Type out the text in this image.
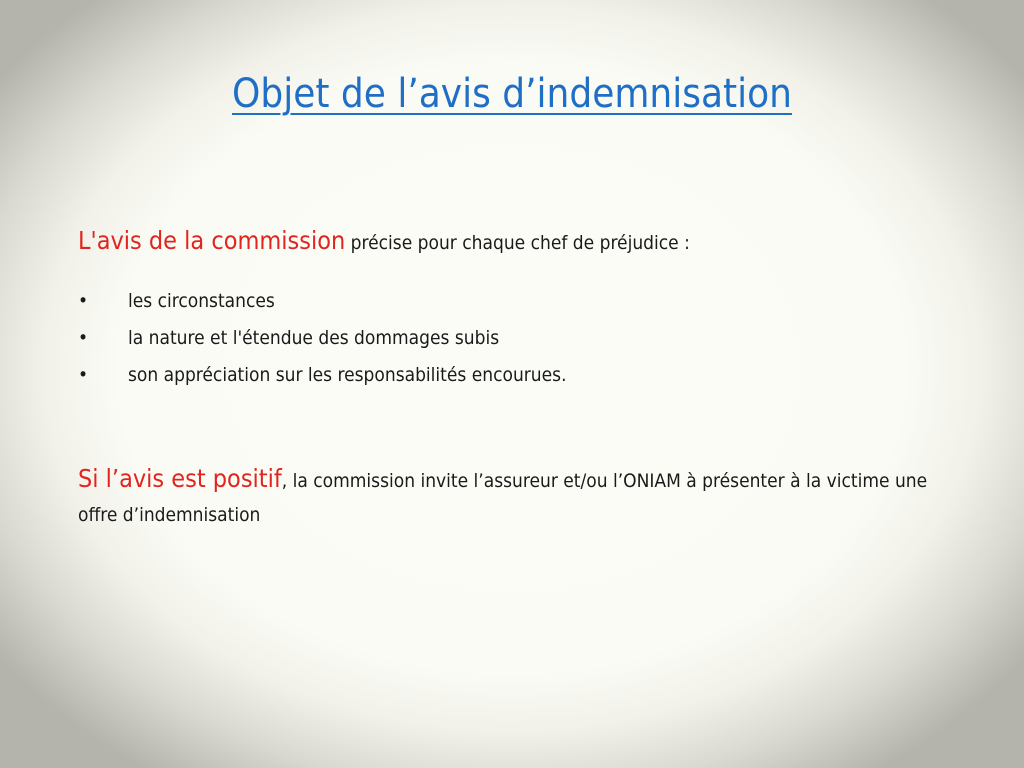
Objet de l’avis d’indemnisation
L'avis de la commission précise pour chaque chef de préjudice :
•	les circonstances
•	la nature et l'étendue des dommages subis
•	son appréciation sur les responsabilités encourues.
Si l’avis est positif, la commission invite l’assureur et/ou l’ONIAM à présenter à la victime une offre d’indemnisation
